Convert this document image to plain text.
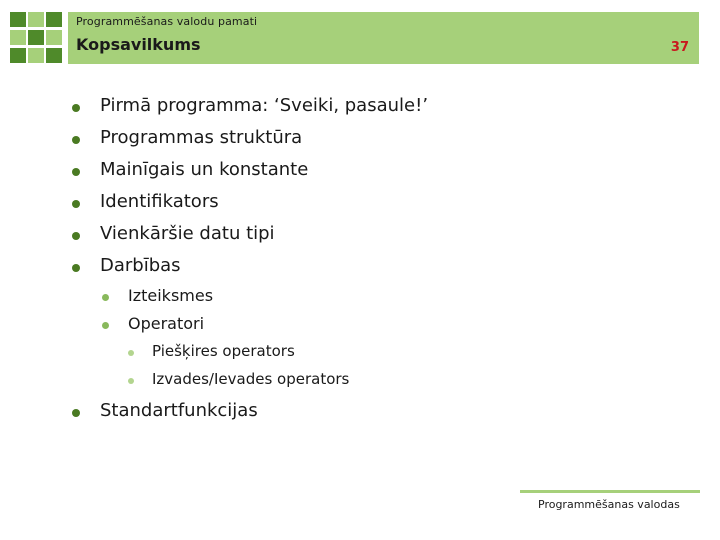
Programmēšanas valodu pamati
Kopsavilkums	37
Pirmā programma: ‘Sveiki, pasaule!’
Programmas struktūra
Mainīgais un konstante
Identifikators
Vienkāršie datu tipi
Darbības
Izteiksmes
Operatori
Piešķires operators
Izvades/Ievades operators
Standartfunkcijas
Programmēšanas valodas
